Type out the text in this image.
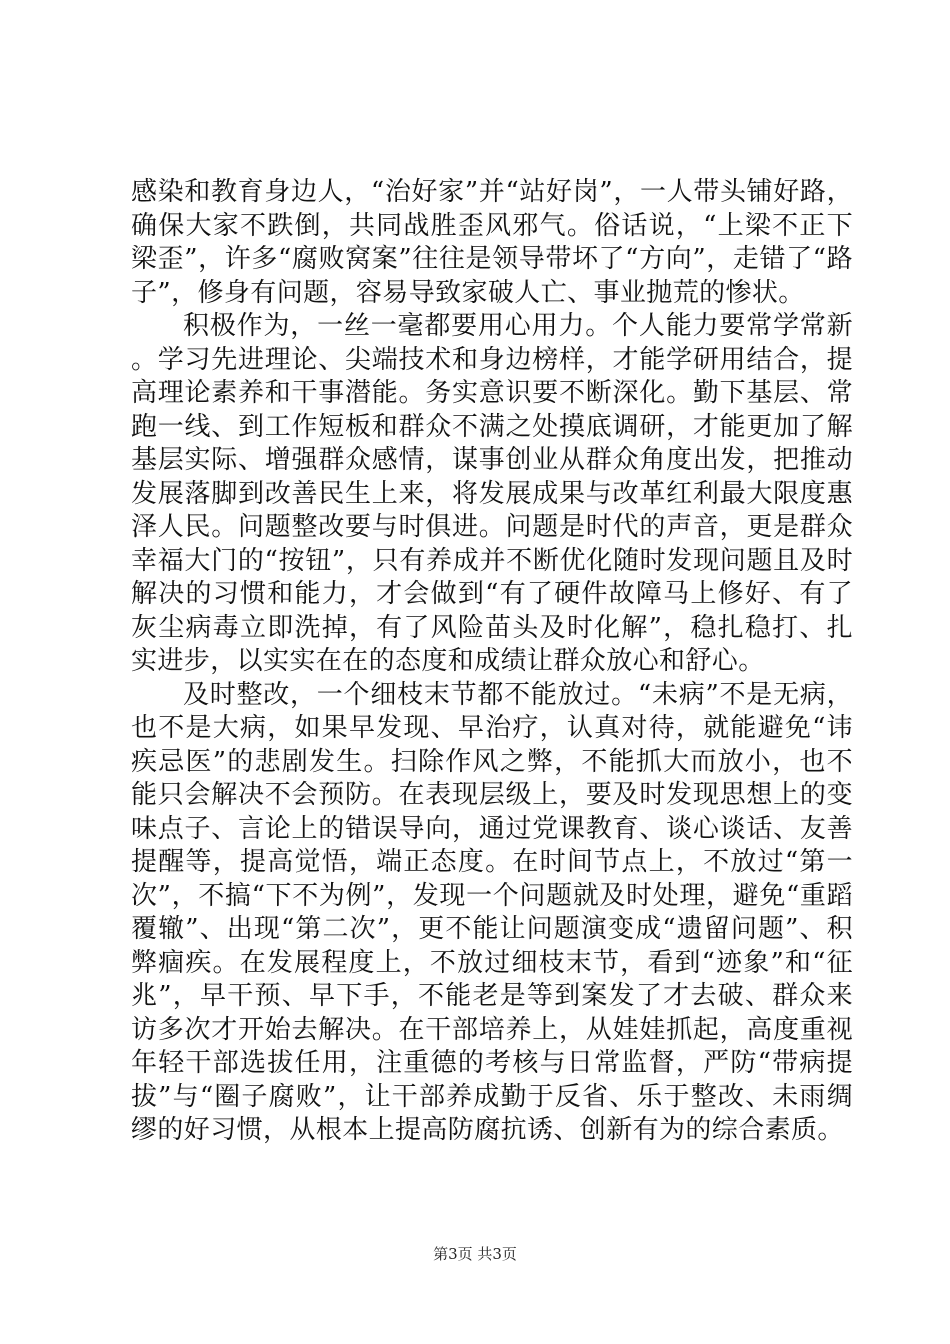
感染和教育身边人，“治好家”并“站好岗”，一人带头铺好路，确保大家不跌倒，共同战胜歪风邪气。俗话说，“上梁不正下梁歪”，许多“腐败窝案”往往是领导带坏了“方向”，走错了“路子”，修身有问题，容易导致家破人亡、事业抛荒的惨状。

积极作为，一丝一毫都要用心用力。个人能力要常学常新。学习先进理论、尖端技术和身边榜样，才能学研用结合，提高理论素养和干事潜能。务实意识要不断深化。勤下基层、常跑一线、到工作短板和群众不满之处摸底调研，才能更加了解基层实际、增强群众感情，谋事创业从群众角度出发，把推动发展落脚到改善民生上来，将发展成果与改革红利最大限度惠泽人民。问题整改要与时俱进。问题是时代的声音，更是群众幸福大门的“按钮”，只有养成并不断优化随时发现问题且及时解决的习惯和能力，才会做到“有了硬件故障马上修好、有了灰尘病毒立即洗掉，有了风险苗头及时化解”，稳扎稳打、扎实进步，以实实在在的态度和成绩让群众放心和舒心。

及时整改，一个细枝末节都不能放过。“未病”不是无病，也不是大病，如果早发现、早治疗，认真对待，就能避免“讳疾忌医”的悲剧发生。扫除作风之弊，不能抓大而放小，也不能只会解决不会预防。在表现层级上，要及时发现思想上的变味点子、言论上的错误导向，通过党课教育、谈心谈话、友善提醒等，提高觉悟，端正态度。在时间节点上，不放过“第一次”，不搞“下不为例”，发现一个问题就及时处理，避免“重蹈覆辙”、出现“第二次”，更不能让问题演变成“遗留问题”、积弊痼疾。在发展程度上，不放过细枝末节，看到“迹象”和“征兆”，早干预、早下手，不能老是等到案发了才去破、群众来访多次才开始去解决。在干部培养上，从娃娃抓起，高度重视年轻干部选拔任用，注重德的考核与日常监督，严防“带病提拔”与“圈子腐败”，让干部养成勤于反省、乐于整改、未雨绸缪的好习惯，从根本上提高防腐抗诱、创新有为的综合素质。

第3页 共3页
